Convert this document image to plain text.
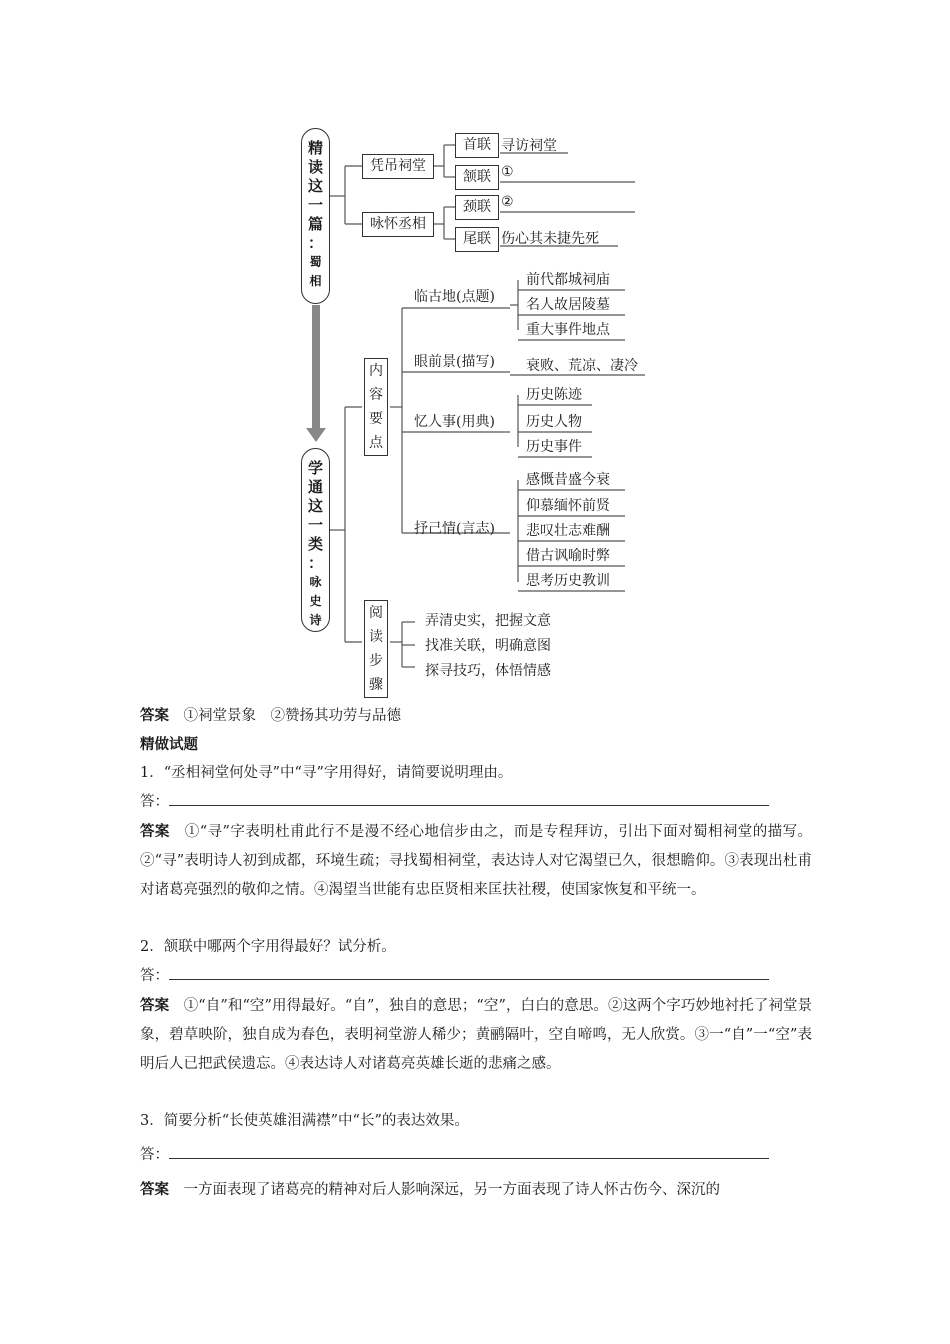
精
读
这
一
篇
：
蜀
相
学
通
这
一
类
：
咏
史
诗
凭吊祠堂
咏怀丞相
首联 寻访祠堂
颔联 ①
颈联 ②
尾联 伤心其未捷先死
内
容
要
点
临古地(点题)
眼前景(描写)
忆人事(用典)
抒己情(言志)
前代都城祠庙
名人故居陵墓
重大事件地点
衰败、荒凉、凄冷
历史陈迹
历史人物
历史事件
感慨昔盛今衰
仰慕缅怀前贤
悲叹壮志难酬
借古讽喻时弊
思考历史教训
阅
读
步
骤
弄清史实，把握文意
找准关联，明确意图
探寻技巧，体悟情感
答案　 ①祠堂景象　②赞扬其功劳与品德
精做试题
1．“丞相祠堂何处寻”中“寻”字用得好，请简要说明理由。
答：
答案　 ①“寻”字表明杜甫此行不是漫不经心地信步由之，而是专程拜访，引出下面对蜀相祠堂的描写。②“寻”表明诗人初到成都，环境生疏；寻找蜀相祠堂，表达诗人对它渴望已久，很想瞻仰。③表现出杜甫对诸葛亮强烈的敬仰之情。④渴望当世能有忠臣贤相来匡扶社稷，使国家恢复和平统一。
2．颔联中哪两个字用得最好？试分析。
答：
答案　 ①“自”和“空”用得最好。“自”，独自的意思；“空”，白白的意思。②这两个字巧妙地衬托了祠堂景象，碧草映阶，独自成为春色，表明祠堂游人稀少；黄鹂隔叶，空自啼鸣，无人欣赏。③一“自”一“空”表明后人已把武侯遗忘。④表达诗人对诸葛亮英雄长逝的悲痛之感。
3．简要分析“长使英雄泪满襟”中“长”的表达效果。
答：
答案　 一方面表现了诸葛亮的精神对后人影响深远，另一方面表现了诗人怀古伤今、深沉的
